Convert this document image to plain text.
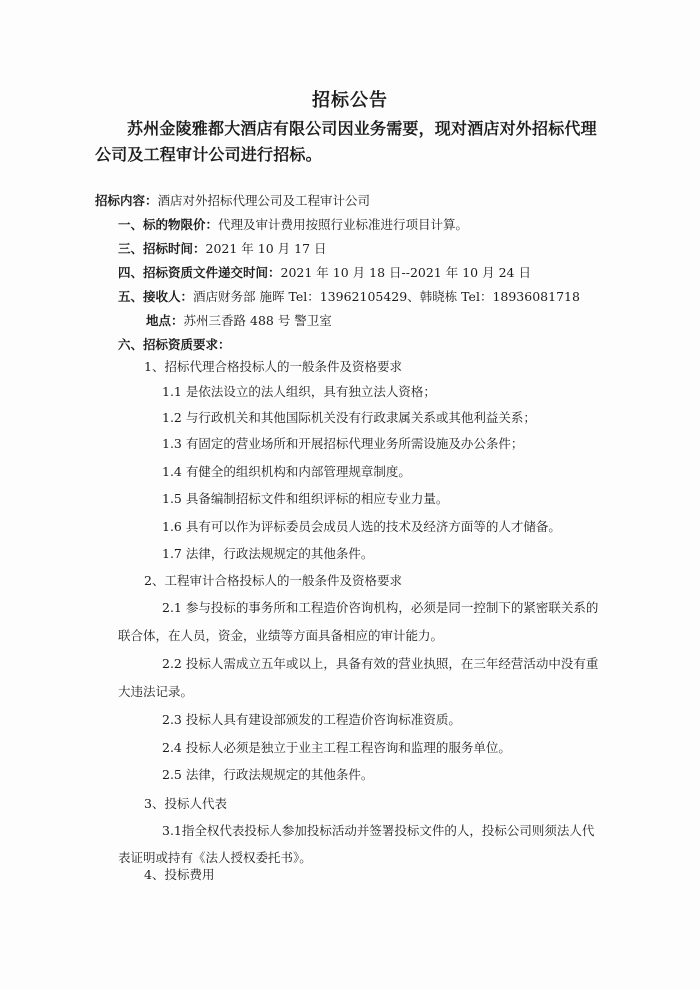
招标公告
苏州金陵雅都大酒店有限公司因业务需要，现对酒店对外招标代理公司及工程审计公司进行招标。
招标内容：酒店对外招标代理公司及工程审计公司
一、标的物限价：代理及审计费用按照行业标准进行项目计算。
三、招标时间：2021 年 10 月 17 日
四、招标资质文件递交时间：2021 年 10 月 18 日--2021 年 10 月 24 日
五、接收人：酒店财务部 施晖 Tel：13962105429、韩晓栋 Tel：18936081718
地点：苏州三香路 488 号 警卫室
六、招标资质要求：
1、招标代理合格投标人的一般条件及资格要求
1.1 是依法设立的法人组织，具有独立法人资格；
1.2 与行政机关和其他国际机关没有行政隶属关系或其他利益关系；
1.3 有固定的营业场所和开展招标代理业务所需设施及办公条件；
1.4 有健全的组织机构和内部管理规章制度。
1.5 具备编制招标文件和组织评标的相应专业力量。
1.6 具有可以作为评标委员会成员人选的技术及经济方面等的人才储备。
1.7 法律，行政法规规定的其他条件。
2、工程审计合格投标人的一般条件及资格要求
2.1 参与投标的事务所和工程造价咨询机构，必须是同一控制下的紧密联关系的
联合体，在人员，资金，业绩等方面具备相应的审计能力。
2.2 投标人需成立五年或以上，具备有效的营业执照，在三年经营活动中没有重
大违法记录。
2.3 投标人具有建设部颁发的工程造价咨询标准资质。
2.4 投标人必须是独立于业主工程工程咨询和监理的服务单位。
2.5 法律，行政法规规定的其他条件。
3、投标人代表
3.1指全权代表投标人参加投标活动并签署投标文件的人，投标公司则须法人代
表证明或持有《法人授权委托书》。
4、投标费用
